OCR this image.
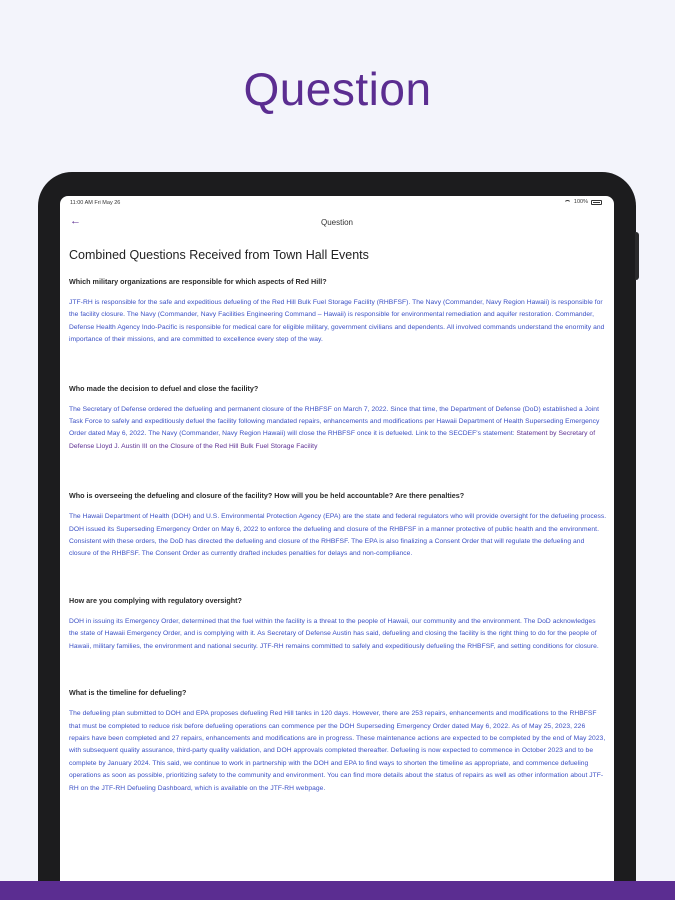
Question
11:00 AM Fri May 26	100%
←	Question
Combined Questions Received from Town Hall Events
Which military organizations are responsible for which aspects of Red Hill?
JTF-RH is responsible for the safe and expeditious defueling of the Red Hill Bulk Fuel Storage Facility (RHBFSF). The Navy (Commander, Navy Region Hawaii) is responsible for the facility closure. The Navy (Commander, Navy Facilities Engineering Command – Hawaii) is responsible for environmental remediation and aquifer restoration. Commander, Defense Health Agency Indo-Pacific is responsible for medical care for eligible military, government civilians and dependents. All involved commands understand the enormity and importance of their missions, and are committed to excellence every step of the way.
Who made the decision to defuel and close the facility?
The Secretary of Defense ordered the defueling and permanent closure of the RHBFSF on March 7, 2022. Since that time, the Department of Defense (DoD) established a Joint Task Force to safely and expeditiously defuel the facility following mandated repairs, enhancements and modifications per Hawaii Department of Health Superseding Emergency Order dated May 6, 2022. The Navy (Commander, Navy Region Hawaii) will close the RHBFSF once it is defueled. Link to the SECDEF's statement: Statement by Secretary of Defense Lloyd J. Austin III on the Closure of the Red Hill Bulk Fuel Storage Facility
Who is overseeing the defueling and closure of the facility? How will you be held accountable? Are there penalties?
The Hawaii Department of Health (DOH) and U.S. Environmental Protection Agency (EPA) are the state and federal regulators who will provide oversight for the defueling process. DOH issued its Superseding Emergency Order on May 6, 2022 to enforce the defueling and closure of the RHBFSF in a manner protective of public health and the environment. Consistent with these orders, the DoD has directed the defueling and closure of the RHBFSF. The EPA is also finalizing a Consent Order that will regulate the defueling and closure of the RHBFSF. The Consent Order as currently drafted includes penalties for delays and non-compliance.
How are you complying with regulatory oversight?
DOH in issuing its Emergency Order, determined that the fuel within the facility is a threat to the people of Hawaii, our community and the environment. The DoD acknowledges the state of Hawaii Emergency Order, and is complying with it. As Secretary of Defense Austin has said, defueling and closing the facility is the right thing to do for the people of Hawaii, military families, the environment and national security. JTF-RH remains committed to safely and expeditiously defueling the RHBFSF, and setting conditions for closure.
What is the timeline for defueling?
The defueling plan submitted to DOH and EPA proposes defueling Red Hill tanks in 120 days. However, there are 253 repairs, enhancements and modifications to the RHBFSF that must be completed to reduce risk before defueling operations can commence per the DOH Superseding Emergency Order dated May 6, 2022. As of May 25, 2023, 226 repairs have been completed and 27 repairs, enhancements and modifications are in progress. These maintenance actions are expected to be completed by the end of May 2023, with subsequent quality assurance, third-party quality validation, and DOH approvals completed thereafter. Defueling is now expected to commence in October 2023 and to be complete by January 2024. This said, we continue to work in partnership with the DOH and EPA to find ways to shorten the timeline as appropriate, and commence defueling operations as soon as possible, prioritizing safety to the community and environment. You can find more details about the status of repairs as well as other information about JTF-RH on the JTF-RH Defueling Dashboard, which is available on the JTF-RH webpage.
